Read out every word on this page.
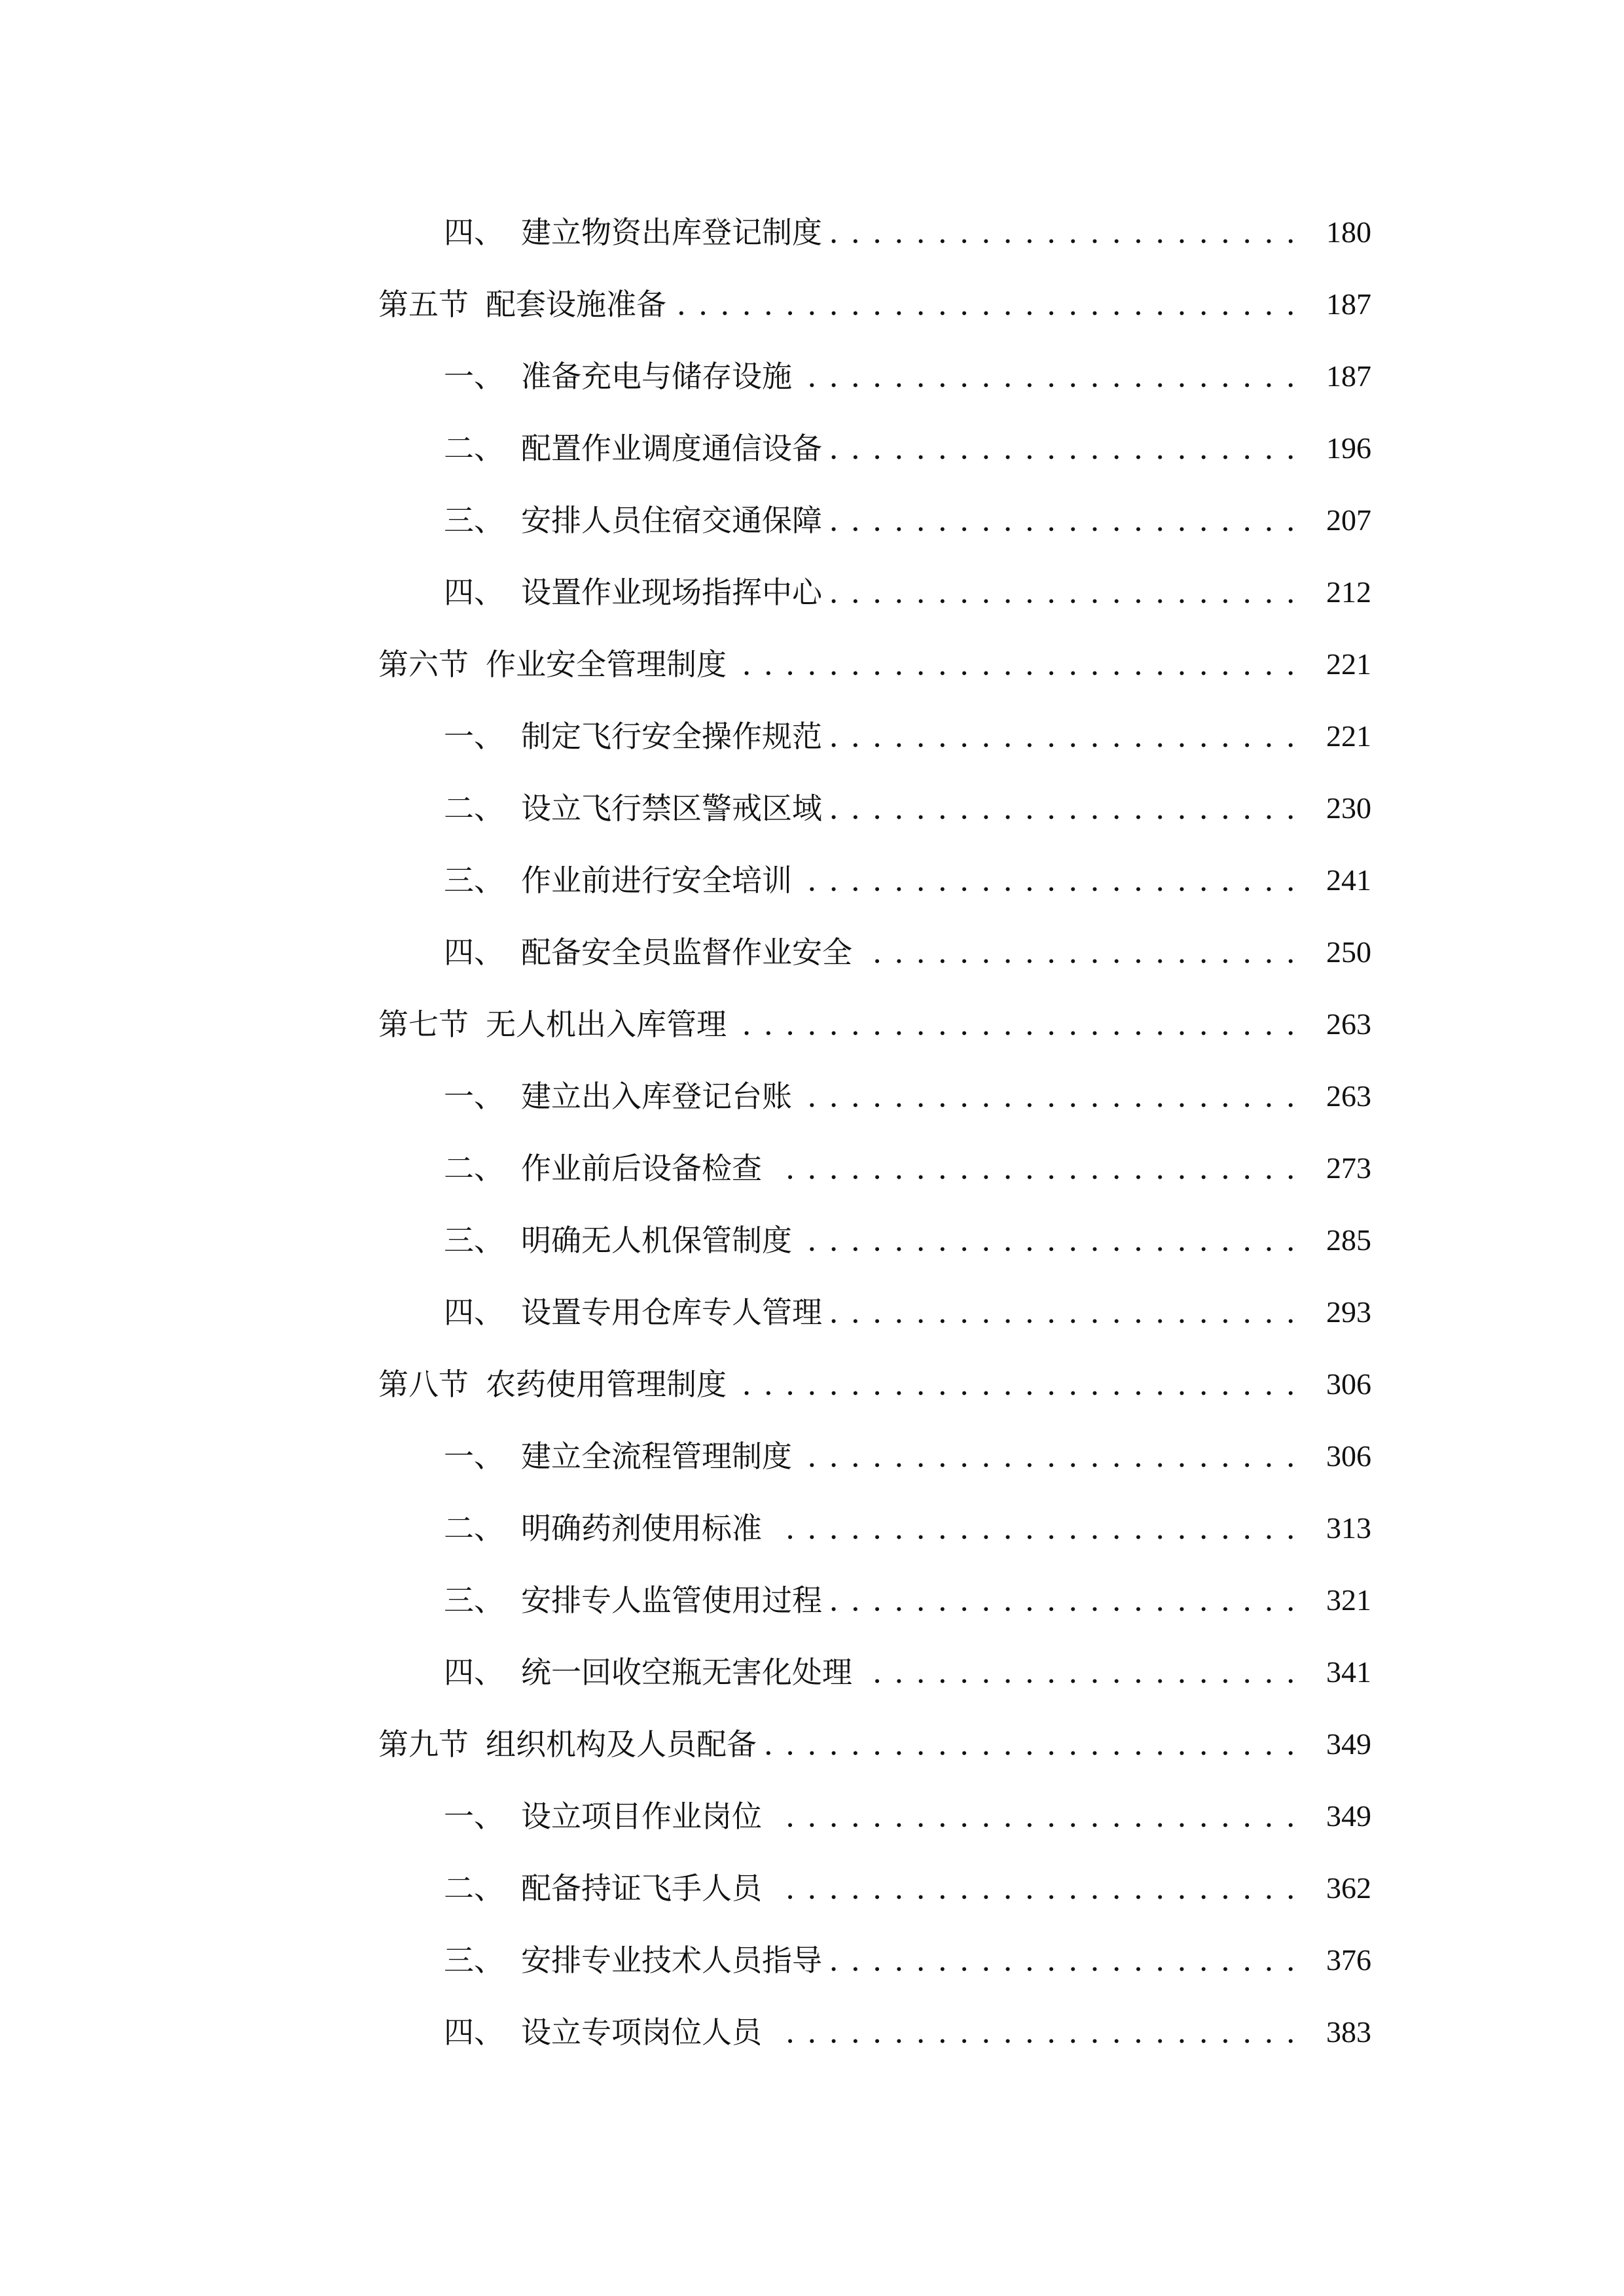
四、 建立物资出库登记制度 . . .	180
第五节 配套设施准备 . . .	187
一、 准备充电与储存设施 . . .	187
二、 配置作业调度通信设备 . . .	196
三、 安排人员住宿交通保障 . . .	207
四、 设置作业现场指挥中心 . . .	212
第六节 作业安全管理制度 . . .	221
一、 制定飞行安全操作规范 . . .	221
二、 设立飞行禁区警戒区域 . . .	230
三、 作业前进行安全培训 . . .	241
四、 配备安全员监督作业安全 . . .	250
第七节 无人机出入库管理 . . .	263
一、 建立出入库登记台账 . . .	263
二、 作业前后设备检查 . . .	273
三、 明确无人机保管制度 . . .	285
四、 设置专用仓库专人管理 . . .	293
第八节 农药使用管理制度 . . .	306
一、 建立全流程管理制度 . . .	306
二、 明确药剂使用标准 . . .	313
三、 安排专人监管使用过程 . . .	321
四、 统一回收空瓶无害化处理 . . .	341
第九节 组织机构及人员配备 . . .	349
一、 设立项目作业岗位 . . .	349
二、 配备持证飞手人员 . . .	362
三、 安排专业技术人员指导 . . .	376
四、 设立专项岗位人员 . . .	383
